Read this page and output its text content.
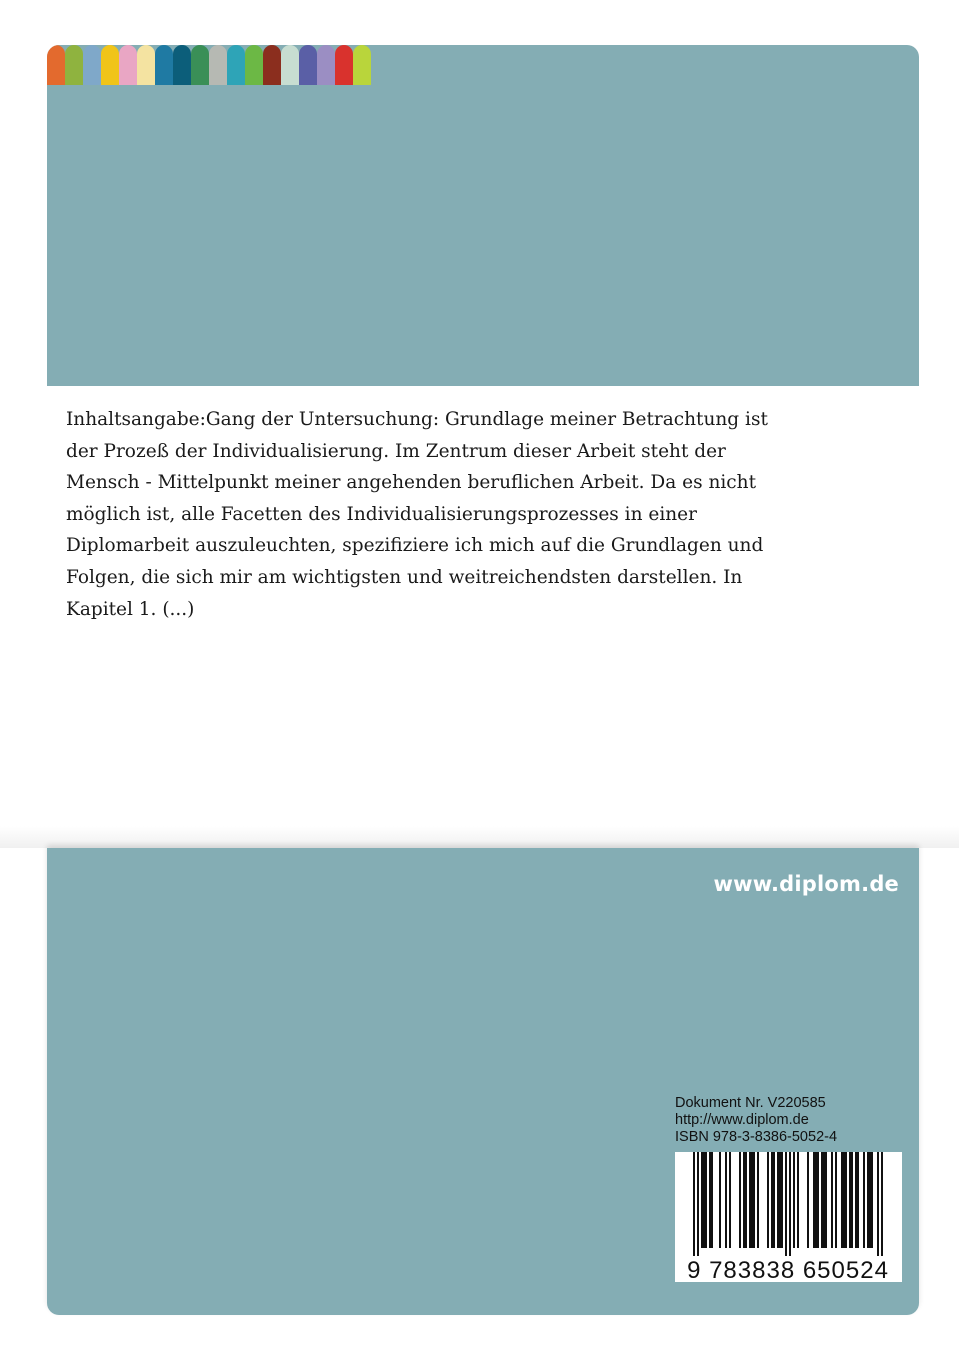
Inhaltsangabe:Gang der Untersuchung: Grundlage meiner Betrachtung ist der Prozeß der Individualisierung. Im Zentrum dieser Arbeit steht der Mensch - Mittelpunkt meiner angehenden beruflichen Arbeit. Da es nicht möglich ist, alle Facetten des Individualisierungsprozesses in einer Diplomarbeit auszuleuchten, spezifiziere ich mich auf die Grundlagen und Folgen, die sich mir am wichtigsten und weitreichendsten darstellen. In Kapitel 1. (...)

www.diplom.de
Dokument Nr. V220585
http://www.diplom.de
ISBN 978-3-8386-5052-4
9 783838 650524
